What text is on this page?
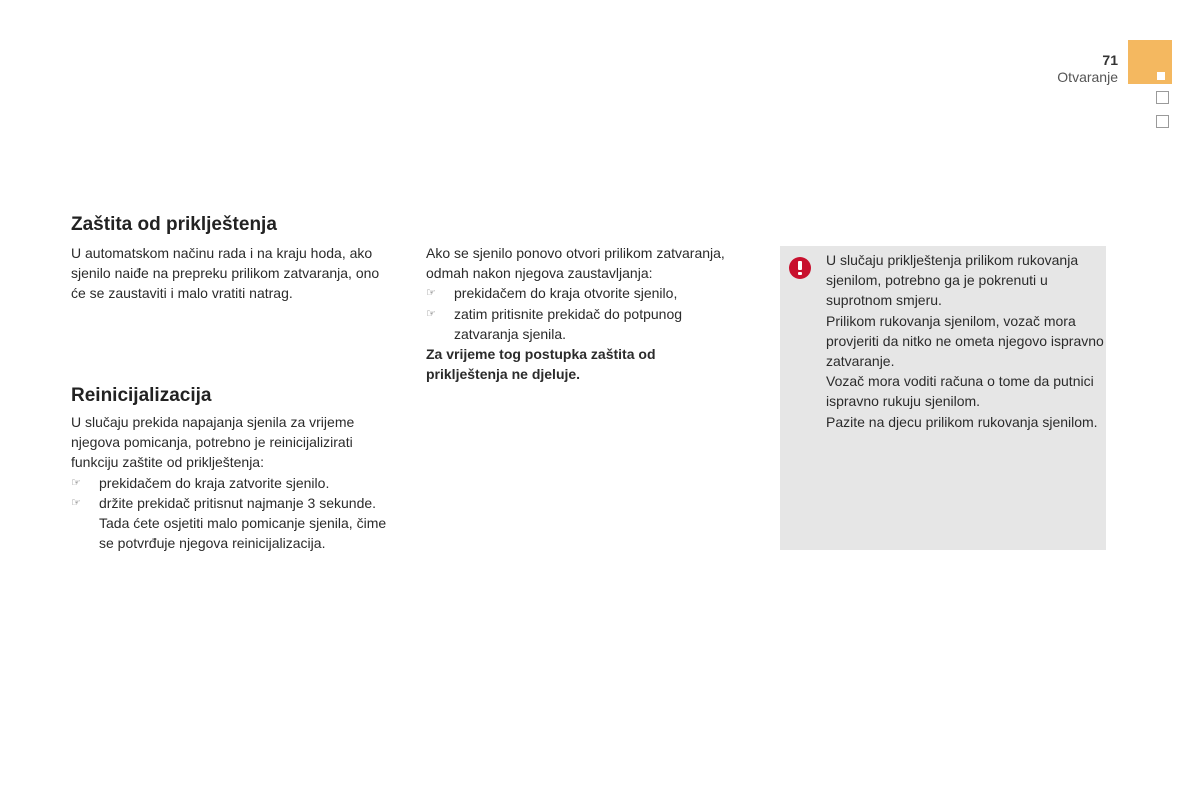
71
Otvaranje
Zaštita od priklještenja

U automatskom načinu rada i na kraju hoda, ako sjenilo naiđe na prepreku prilikom zatvaranja, ono će se zaustaviti i malo vratiti natrag.

Reinicijalizacija

U slučaju prekida napajanja sjenila za vrijeme njegova pomicanja, potrebno je reinicijalizirati funkciju zaštite od priklještenja:

☞ prekidačem do kraja zatvorite sjenilo.
☞ držite prekidač pritisnut najmanje 3 sekunde. Tada ćete osjetiti malo pomicanje sjenila, čime se potvrđuje njegova reinicijalizacija.

Ako se sjenilo ponovo otvori prilikom zatvaranja, odmah nakon njegova zaustavljanja:

☞ prekidačem do kraja otvorite sjenilo,
☞ zatim pritisnite prekidač do potpunog zatvaranja sjenila.

Za vrijeme tog postupka zaštita od priklještenja ne djeluje.

U slučaju priklještenja prilikom rukovanja sjenilom, potrebno ga je pokrenuti u suprotnom smjeru.

Prilikom rukovanja sjenilom, vozač mora provjeriti da nitko ne ometa njegovo ispravno zatvaranje.

Vozač mora voditi računa o tome da putnici ispravno rukuju sjenilom.

Pazite na djecu prilikom rukovanja sjenilom.
